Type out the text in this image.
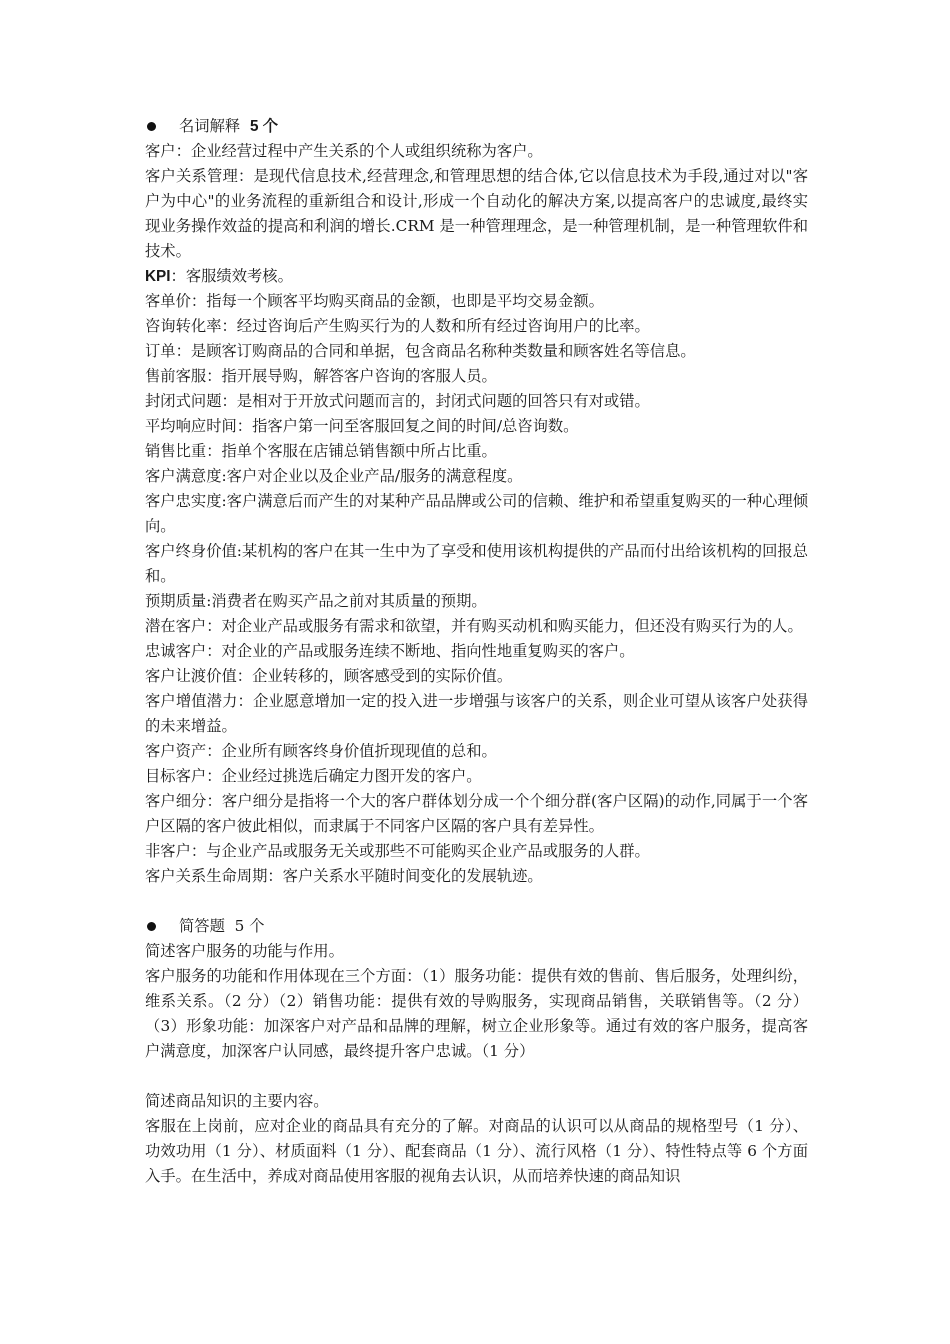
名词解释
5 个

客户：企业经营过程中产生关系的个人或组织统称为客户。

客户关系管理：是现代信息技术,经营理念,和管理思想的结合体,它以信息技术为手段,通过对以"客户为中心"的业务流程的重新组合和设计,形成一个自动化的解决方案,以提高客户的忠诚度,最终实现业务操作效益的提高和利润的增长.CRM 是一种管理理念，是一种管理机制，是一种管理软件和技术。

KPI：客服绩效考核。

客单价：指每一个顾客平均购买商品的金额，也即是平均交易金额。

咨询转化率：经过咨询后产生购买行为的人数和所有经过咨询用户的比率。

订单：是顾客订购商品的合同和单据，包含商品名称种类数量和顾客姓名等信息。

售前客服：指开展导购，解答客户咨询的客服人员。

封闭式问题：是相对于开放式问题而言的，封闭式问题的回答只有对或错。

平均响应时间：指客户第一问至客服回复之间的时间/总咨询数。

销售比重：指单个客服在店铺总销售额中所占比重。

客户满意度:客户对企业以及企业产品/服务的满意程度。

客户忠实度:客户满意后而产生的对某种产品品牌或公司的信赖、维护和希望重复购买的一种心理倾向。

客户终身价值:某机构的客户在其一生中为了享受和使用该机构提供的产品而付出给该机构的回报总和。

预期质量:消费者在购买产品之前对其质量的预期。

潜在客户：对企业产品或服务有需求和欲望，并有购买动机和购买能力，但还没有购买行为的人。

忠诚客户：对企业的产品或服务连续不断地、指向性地重复购买的客户。

客户让渡价值：企业转移的，顾客感受到的实际价值。

客户增值潜力：企业愿意增加一定的投入进一步增强与该客户的关系，则企业可望从该客户处获得的未来增益。

客户资产：企业所有顾客终身价值折现现值的总和。

目标客户：企业经过挑选后确定力图开发的客户。

客户细分：客户细分是指将一个大的客户群体划分成一个个细分群(客户区隔)的动作,同属于一个客户区隔的客户彼此相似，而隶属于不同客户区隔的客户具有差异性。

非客户：与企业产品或服务无关或那些不可能购买企业产品或服务的人群。

客户关系生命周期：客户关系水平随时间变化的发展轨迹。

简答题
5 个

简述客户服务的功能与作用。

客户服务的功能和作用体现在三个方面：（1）服务功能：提供有效的售前、售后服务，处理纠纷，维系关系。（2 分）（2）销售功能：提供有效的导购服务，实现商品销售，关联销售等。（2 分）（3）形象功能：加深客户对产品和品牌的理解，树立企业形象等。通过有效的客户服务，提高客户满意度，加深客户认同感，最终提升客户忠诚。（1 分）

简述商品知识的主要内容。

客服在上岗前，应对企业的商品具有充分的了解。对商品的认识可以从商品的规格型号（1 分）、功效功用（1 分）、材质面料（1 分）、配套商品（1 分）、流行风格（1 分）、特性特点等 6 个方面入手。在生活中，养成对商品使用客服的视角去认识，从而培养快速的商品知识
